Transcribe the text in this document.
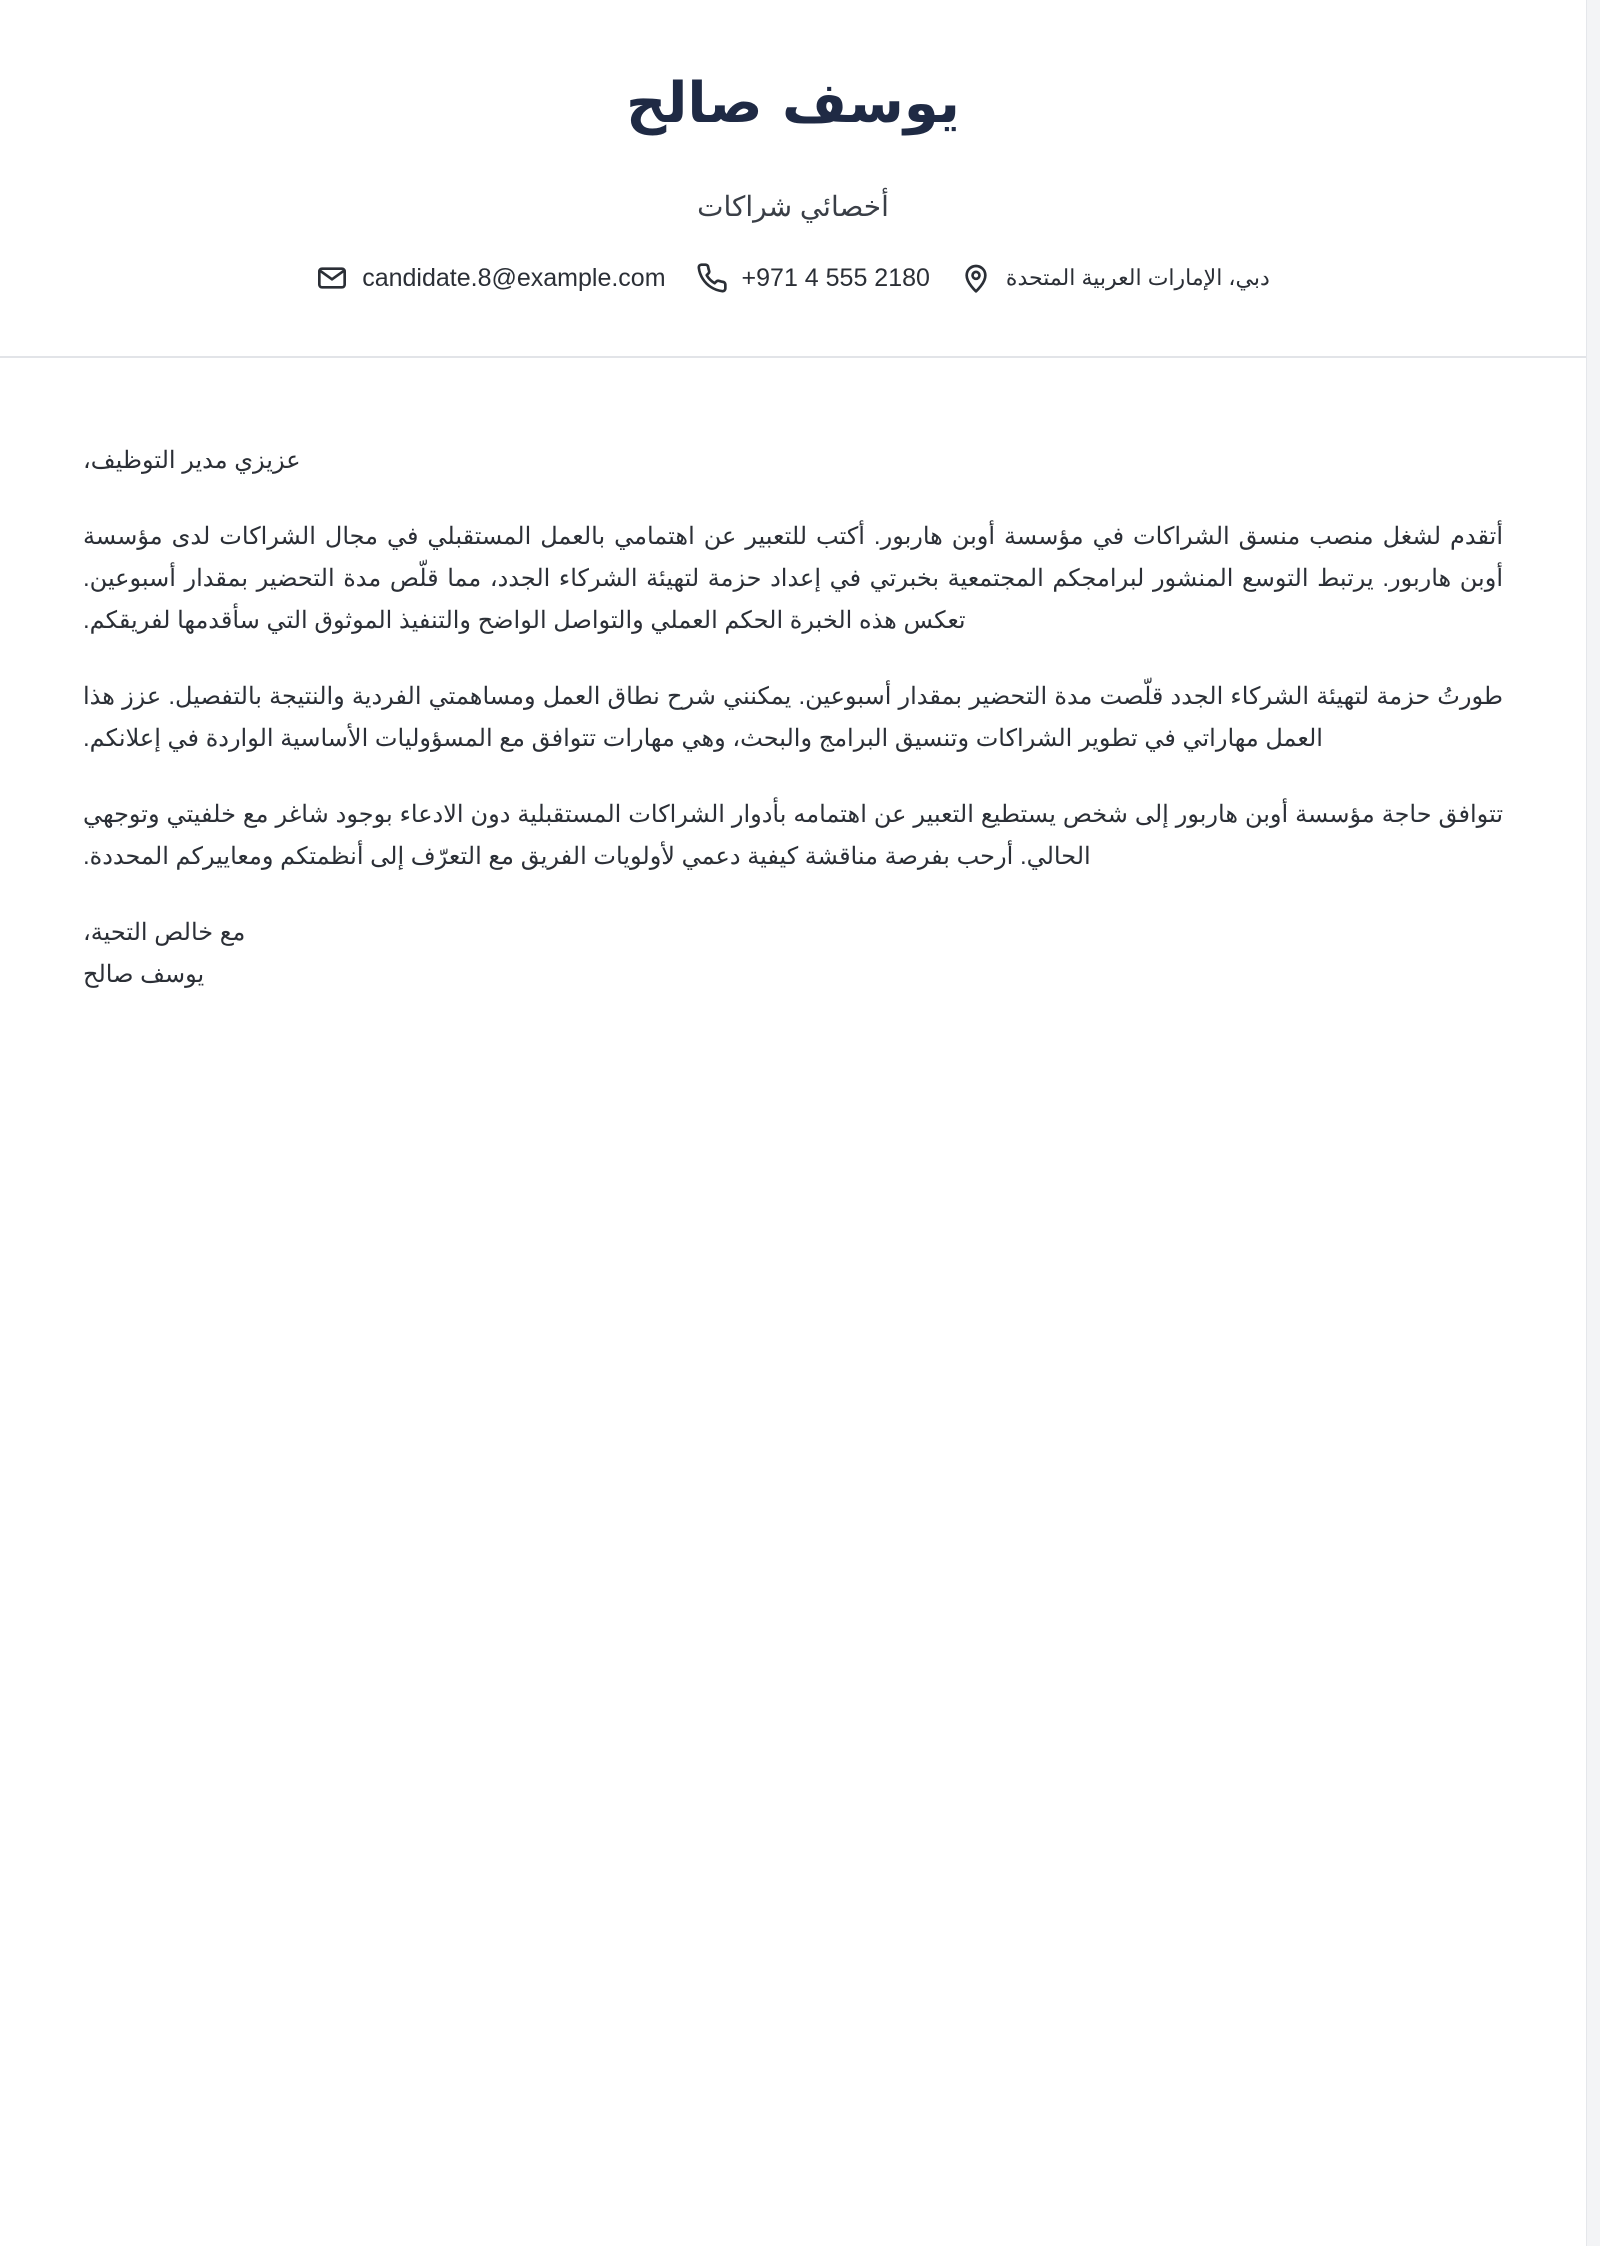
يوسف صالح
أخصائي شراكات
candidate.8@example.com	+971 4 555 2180	دبي، الإمارات العربية المتحدة

،عزيزي مدير التوظيف

أتقدم لشغل منصب منسق الشراكات في مؤسسة أوبن هاربور. أكتب للتعبير عن اهتمامي بالعمل المستقبلي في مجال الشراكات لدى مؤسسة أوبن هاربور. يرتبط التوسع المنشور لبرامجكم المجتمعية بخبرتي في إعداد حزمة لتهيئة الشركاء الجدد، مما قلّص مدة التحضير بمقدار أسبوعين. تعكس هذه الخبرة الحكم العملي والتواصل الواضح والتنفيذ الموثوق التي سأقدمها لفريقكم.

طورتُ حزمة لتهيئة الشركاء الجدد قلّصت مدة التحضير بمقدار أسبوعين. يمكنني شرح نطاق العمل ومساهمتي الفردية والنتيجة بالتفصيل. عزز هذا العمل مهاراتي في تطوير الشراكات وتنسيق البرامج والبحث، وهي مهارات تتوافق مع المسؤوليات الأساسية الواردة في إعلانكم.

تتوافق حاجة مؤسسة أوبن هاربور إلى شخص يستطيع التعبير عن اهتمامه بأدوار الشراكات المستقبلية دون الادعاء بوجود شاغر مع خلفيتي وتوجهي الحالي. أرحب بفرصة مناقشة كيفية دعمي لأولويات الفريق مع التعرّف إلى أنظمتكم ومعاييركم المحددة.

،مع خالص التحية

يوسف صالح
